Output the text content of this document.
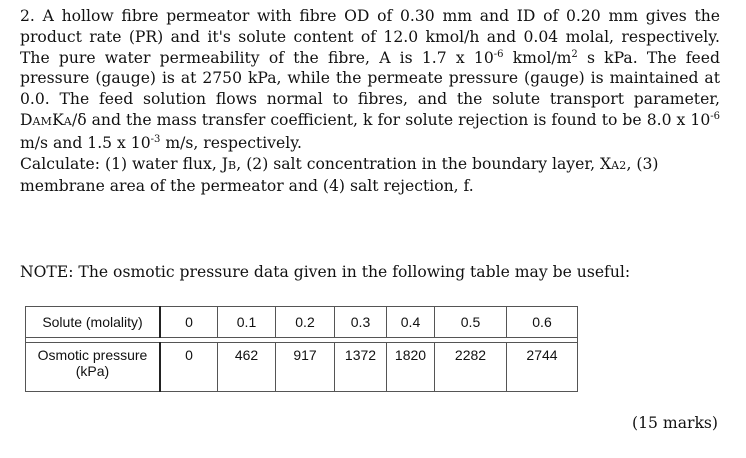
2. A hollow fibre permeator with fibre OD of 0.30 mm and ID of 0.20 mm gives the product rate (PR) and it's solute content of 12.0 kmol/h and 0.04 molal, respectively. The pure water permeability of the fibre, A is 1.7 x $10^{-6}$ kmol/$m^2$ s kPa. The feed pressure (gauge) is at 2750 kPa, while the permeate pressure (gauge) is maintained at 0.0. The feed solution flows normal to fibres, and the solute transport parameter, DAMKA/δ and the mass transfer coefficient, k for solute rejection is found to be 8.0 x $10^{-6}$ m/s and 1.5 x $10^{-3}$ m/s, respectively.

Calculate: (1) water flux, JB, (2) salt concentration in the boundary layer, XA2, (3) membrane area of the permeator and (4) salt rejection, f.

NOTE: The osmotic pressure data given in the following table may be useful:

Solute (molality)	0	0.1	0.2	0.3	0.4	0.5	0.6

Osmotic pressure
(kPa)	0	462	917	1372	1820	2282	2744
(15 marks)
